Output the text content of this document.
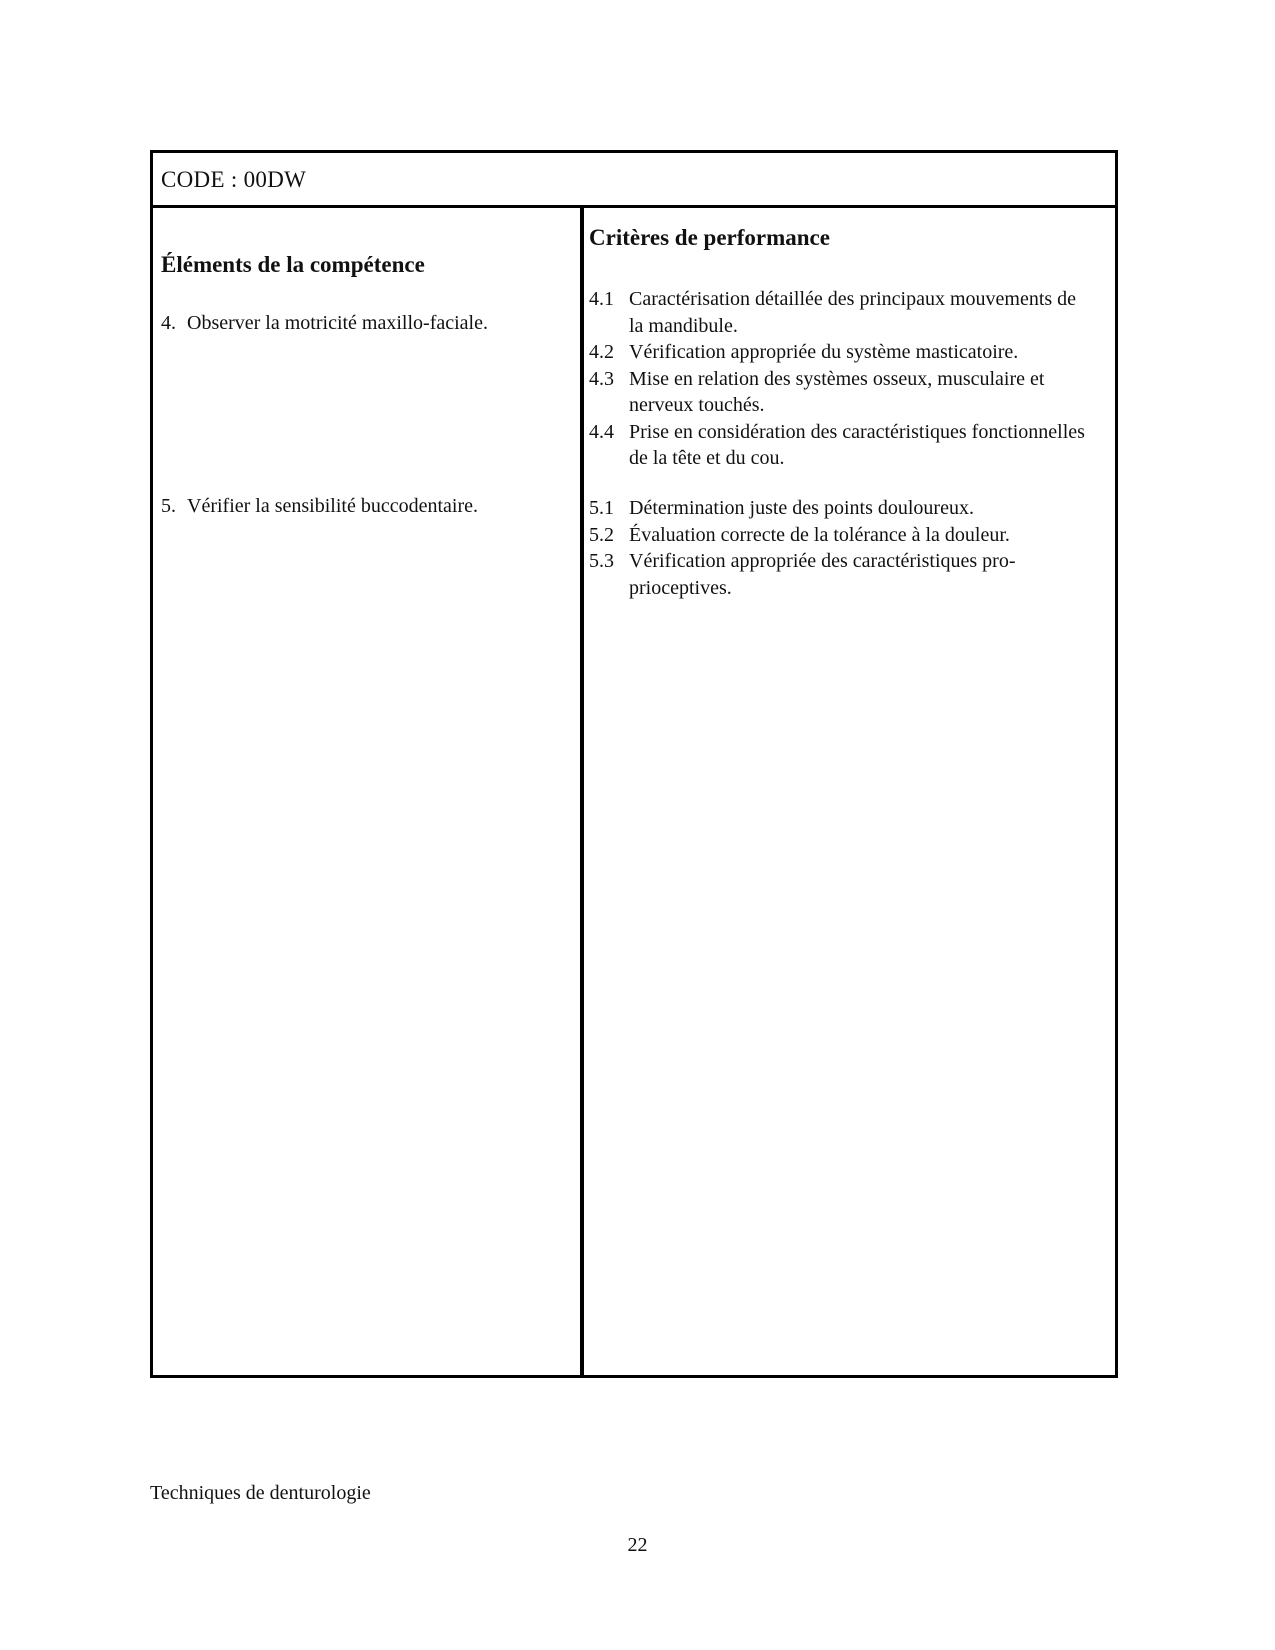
CODE : 00DW
Éléments de la compétence
4. Observer la motricité maxillo-faciale.
5. Vérifier la sensibilité buccodentaire.
Critères de performance
4.1 Caractérisation détaillée des principaux mouvements de la mandibule.
4.2 Vérification appropriée du système masticatoire.
4.3 Mise en relation des systèmes osseux, musculaire et nerveux touchés.
4.4 Prise en considération des caractéristiques fonctionnelles de la tête et du cou.
5.1 Détermination juste des points douloureux.
5.2 Évaluation correcte de la tolérance à la douleur.
5.3 Vérification appropriée des caractéristiques proprioceptives.
Techniques de denturologie
22
